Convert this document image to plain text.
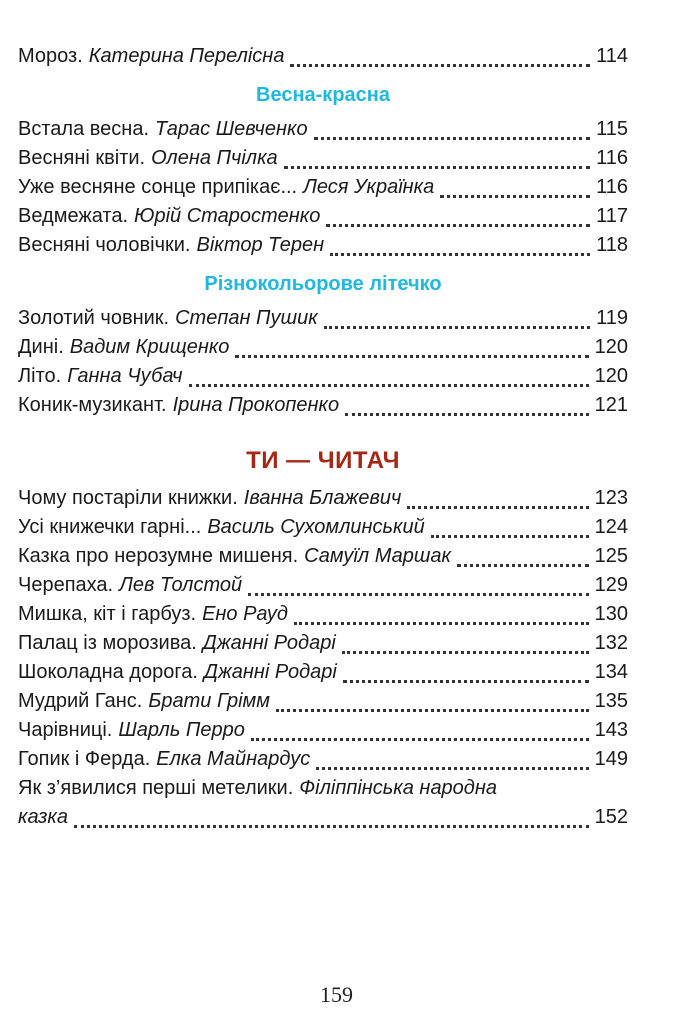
Мороз. Катерина Перелісна	114
Весна-красна
Встала весна. Тарас Шевченко	115
Весняні квіти. Олена Пчілка	116
Уже весняне сонце припікає... Леся Українка	116
Ведмежата. Юрій Старостенко	117
Весняні чоловічки. Віктор Терен	118
Різнокольорове літечко
Золотий човник. Степан Пушик	119
Дині. Вадим Крищенко	120
Літо. Ганна Чубач	120
Коник-музикант. Ірина Прокопенко	121
ТИ — ЧИТАЧ
Чому постаріли книжки. Іванна Блажевич	123
Усі книжечки гарні... Василь Сухомлинський	124
Казка про нерозумне мишеня. Самуїл Маршак	125
Черепаха. Лев Толстой	129
Мишка, кіт і гарбуз. Ено Рауд	130
Палац із морозива. Джанні Родарі	132
Шоколадна дорога. Джанні Родарі	134
Мудрий Ганс. Брати Грімм	135
Чарівниці. Шарль Перро	143
Гопик і Ферда. Елка Майнардус	149
Як з’явилися перші метелики. Філіппінська народна
казка	152
159
